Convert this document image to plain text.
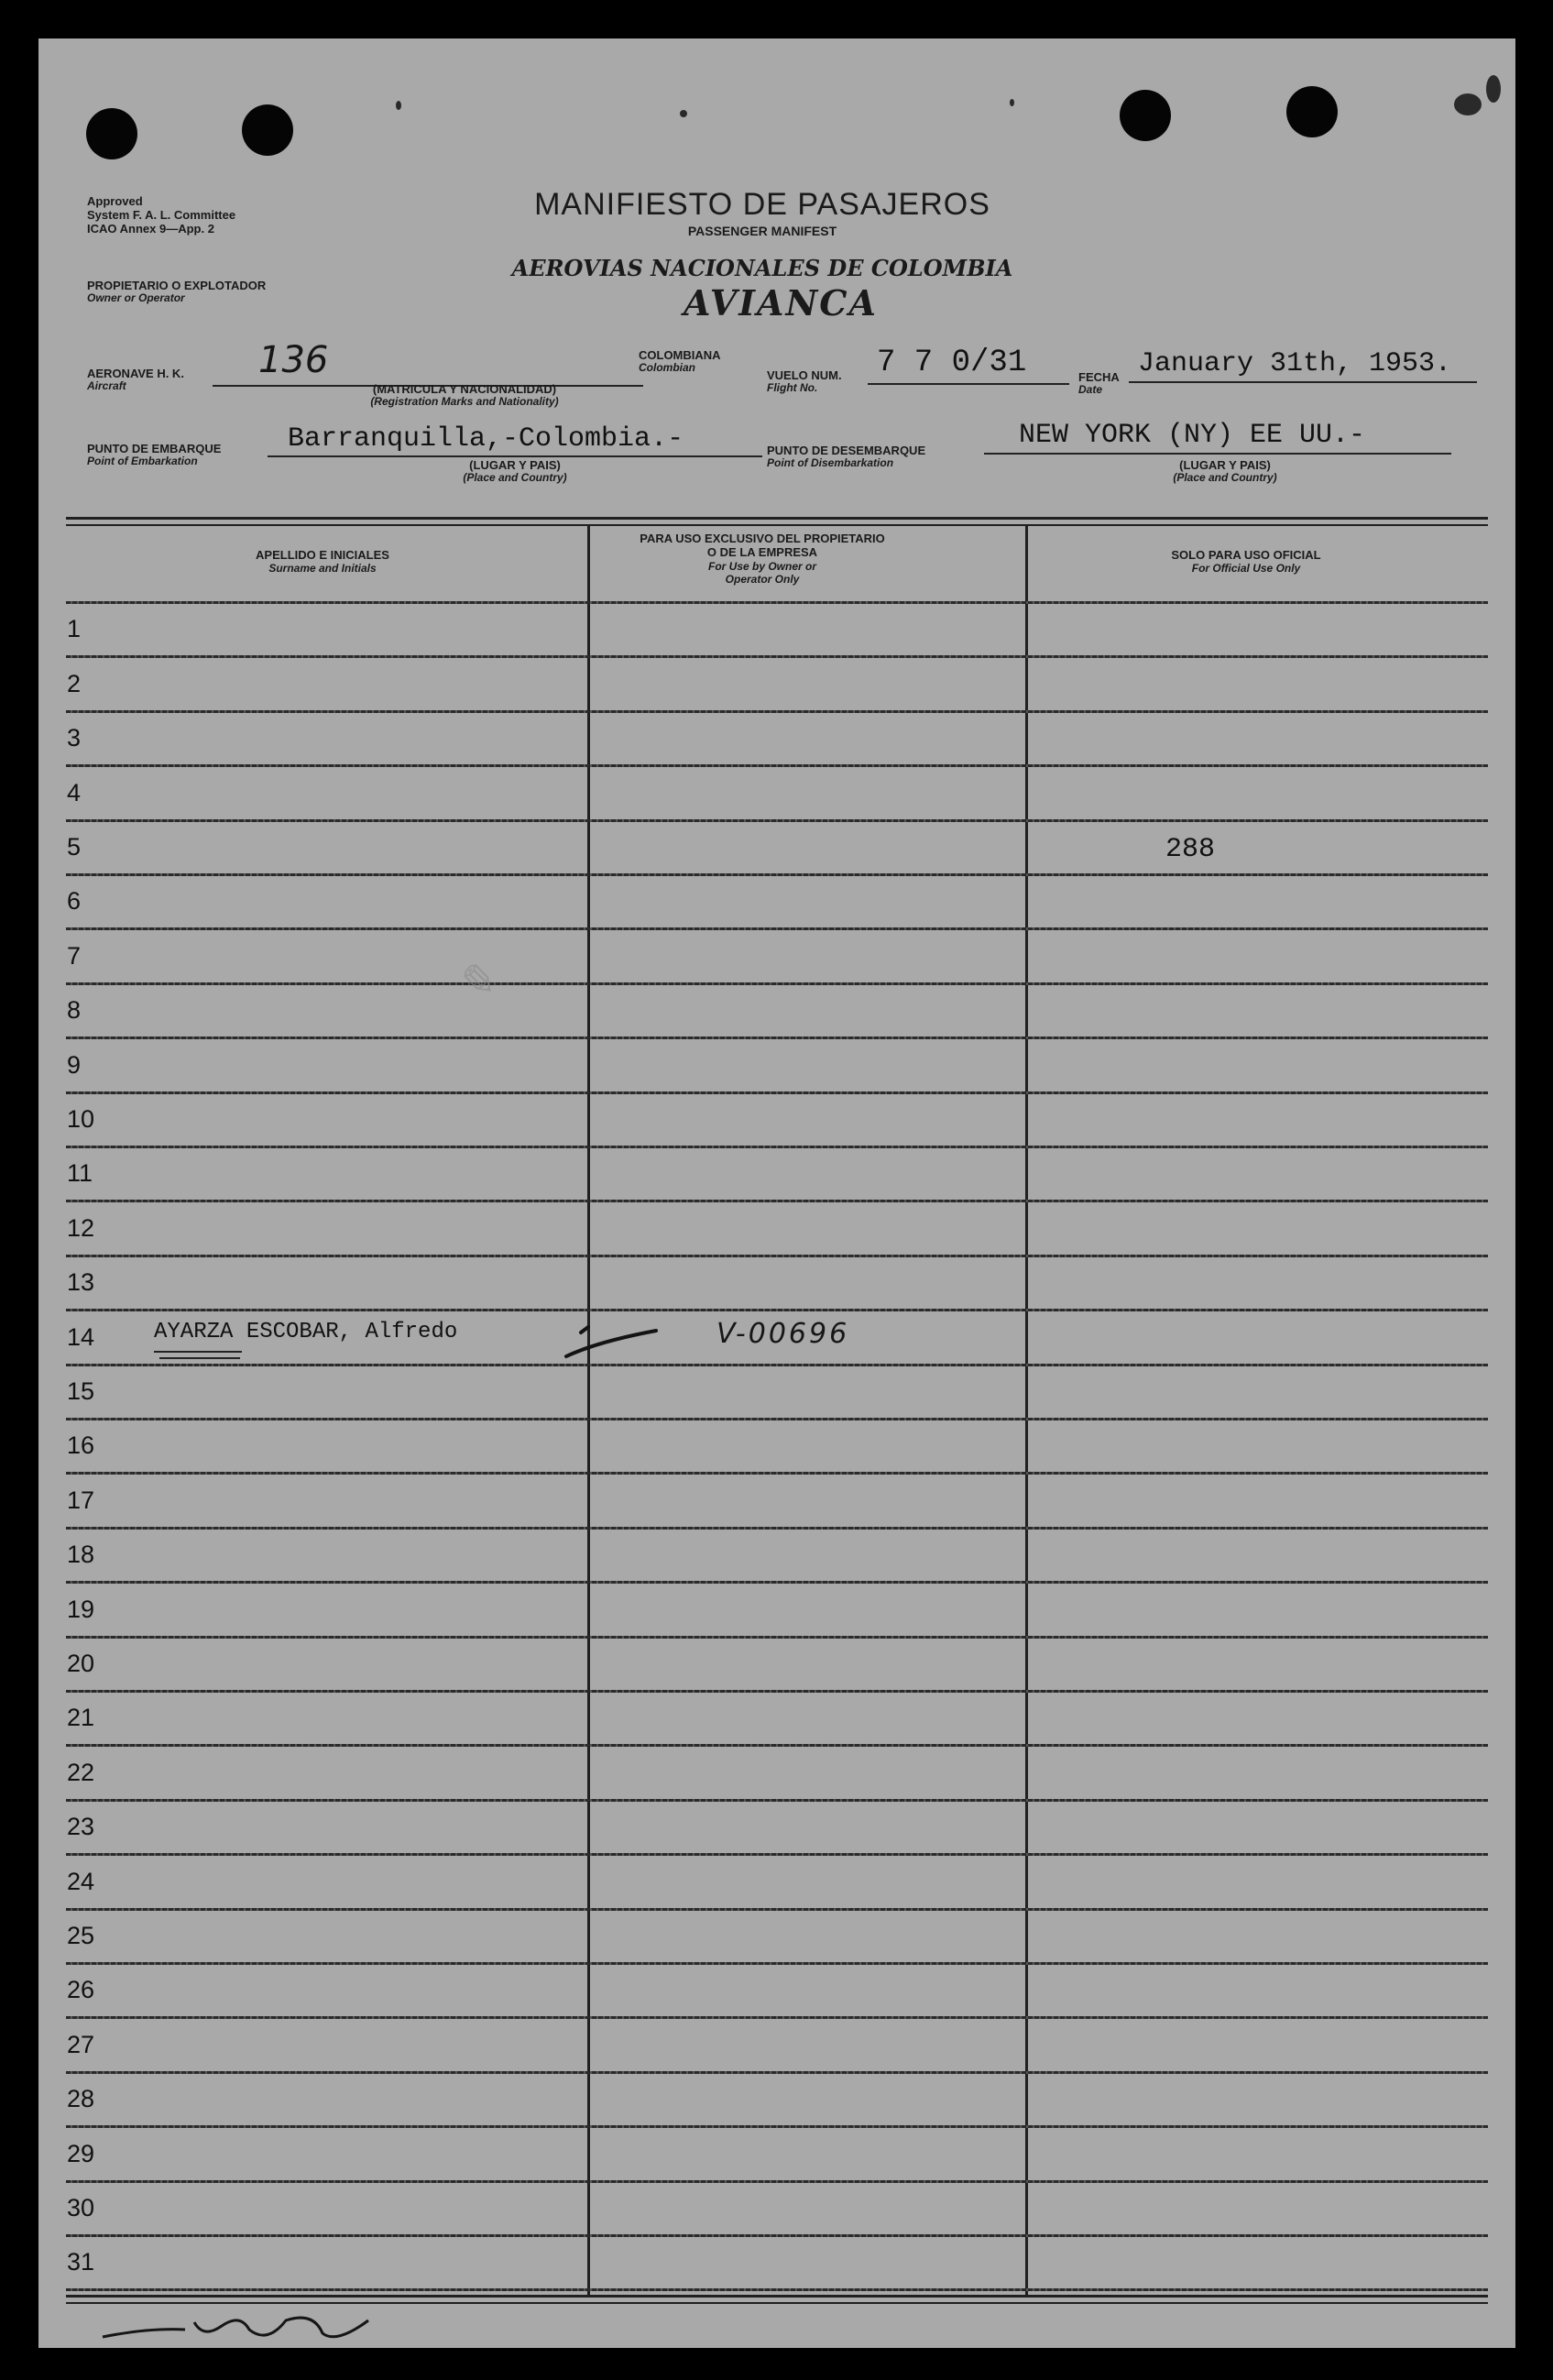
Approved
System F. A. L. Committee
ICAO Annex 9—App. 2
MANIFIESTO DE PASAJEROS
PASSENGER MANIFEST
PROPIETARIO O EXPLOTADOR
Owner or Operator
AEROVIAS NACIONALES DE COLOMBIA
AVIANCA
AERONAVE H. K.
Aircraft
136
(MATRICULA Y NACIONALIDAD)
(Registration Marks and Nationality)
COLOMBIANA
Colombian
VUELO NUM.
Flight No.
7 7 0/31	FECHA
Date
January 31th, 1953.
PUNTO DE EMBARQUE
Point of Embarkation
Barranquilla,-Colombia.-
(LUGAR Y PAIS)
(Place and Country)
PUNTO DE DESEMBARQUE
Point of Disembarkation
NEW YORK (NY) EE UU.-
(LUGAR Y PAIS)
(Place and Country)
APELLIDO E INICIALES
Surname and Initials
PARA USO EXCLUSIVO DEL PROPIETARIO
O DE LA EMPRESA
For Use by Owner or
Operator Only
SOLO PARA USO OFICIAL
For Official Use Only
1
2
3
4
5
6
7
8
9
10
11
12
13
14
15
16
17
18
19
20
21
22
23
24
25
26
27
28
29
30
31
✎
288
AYARZA ESCOBAR, Alfredo	V-00696
